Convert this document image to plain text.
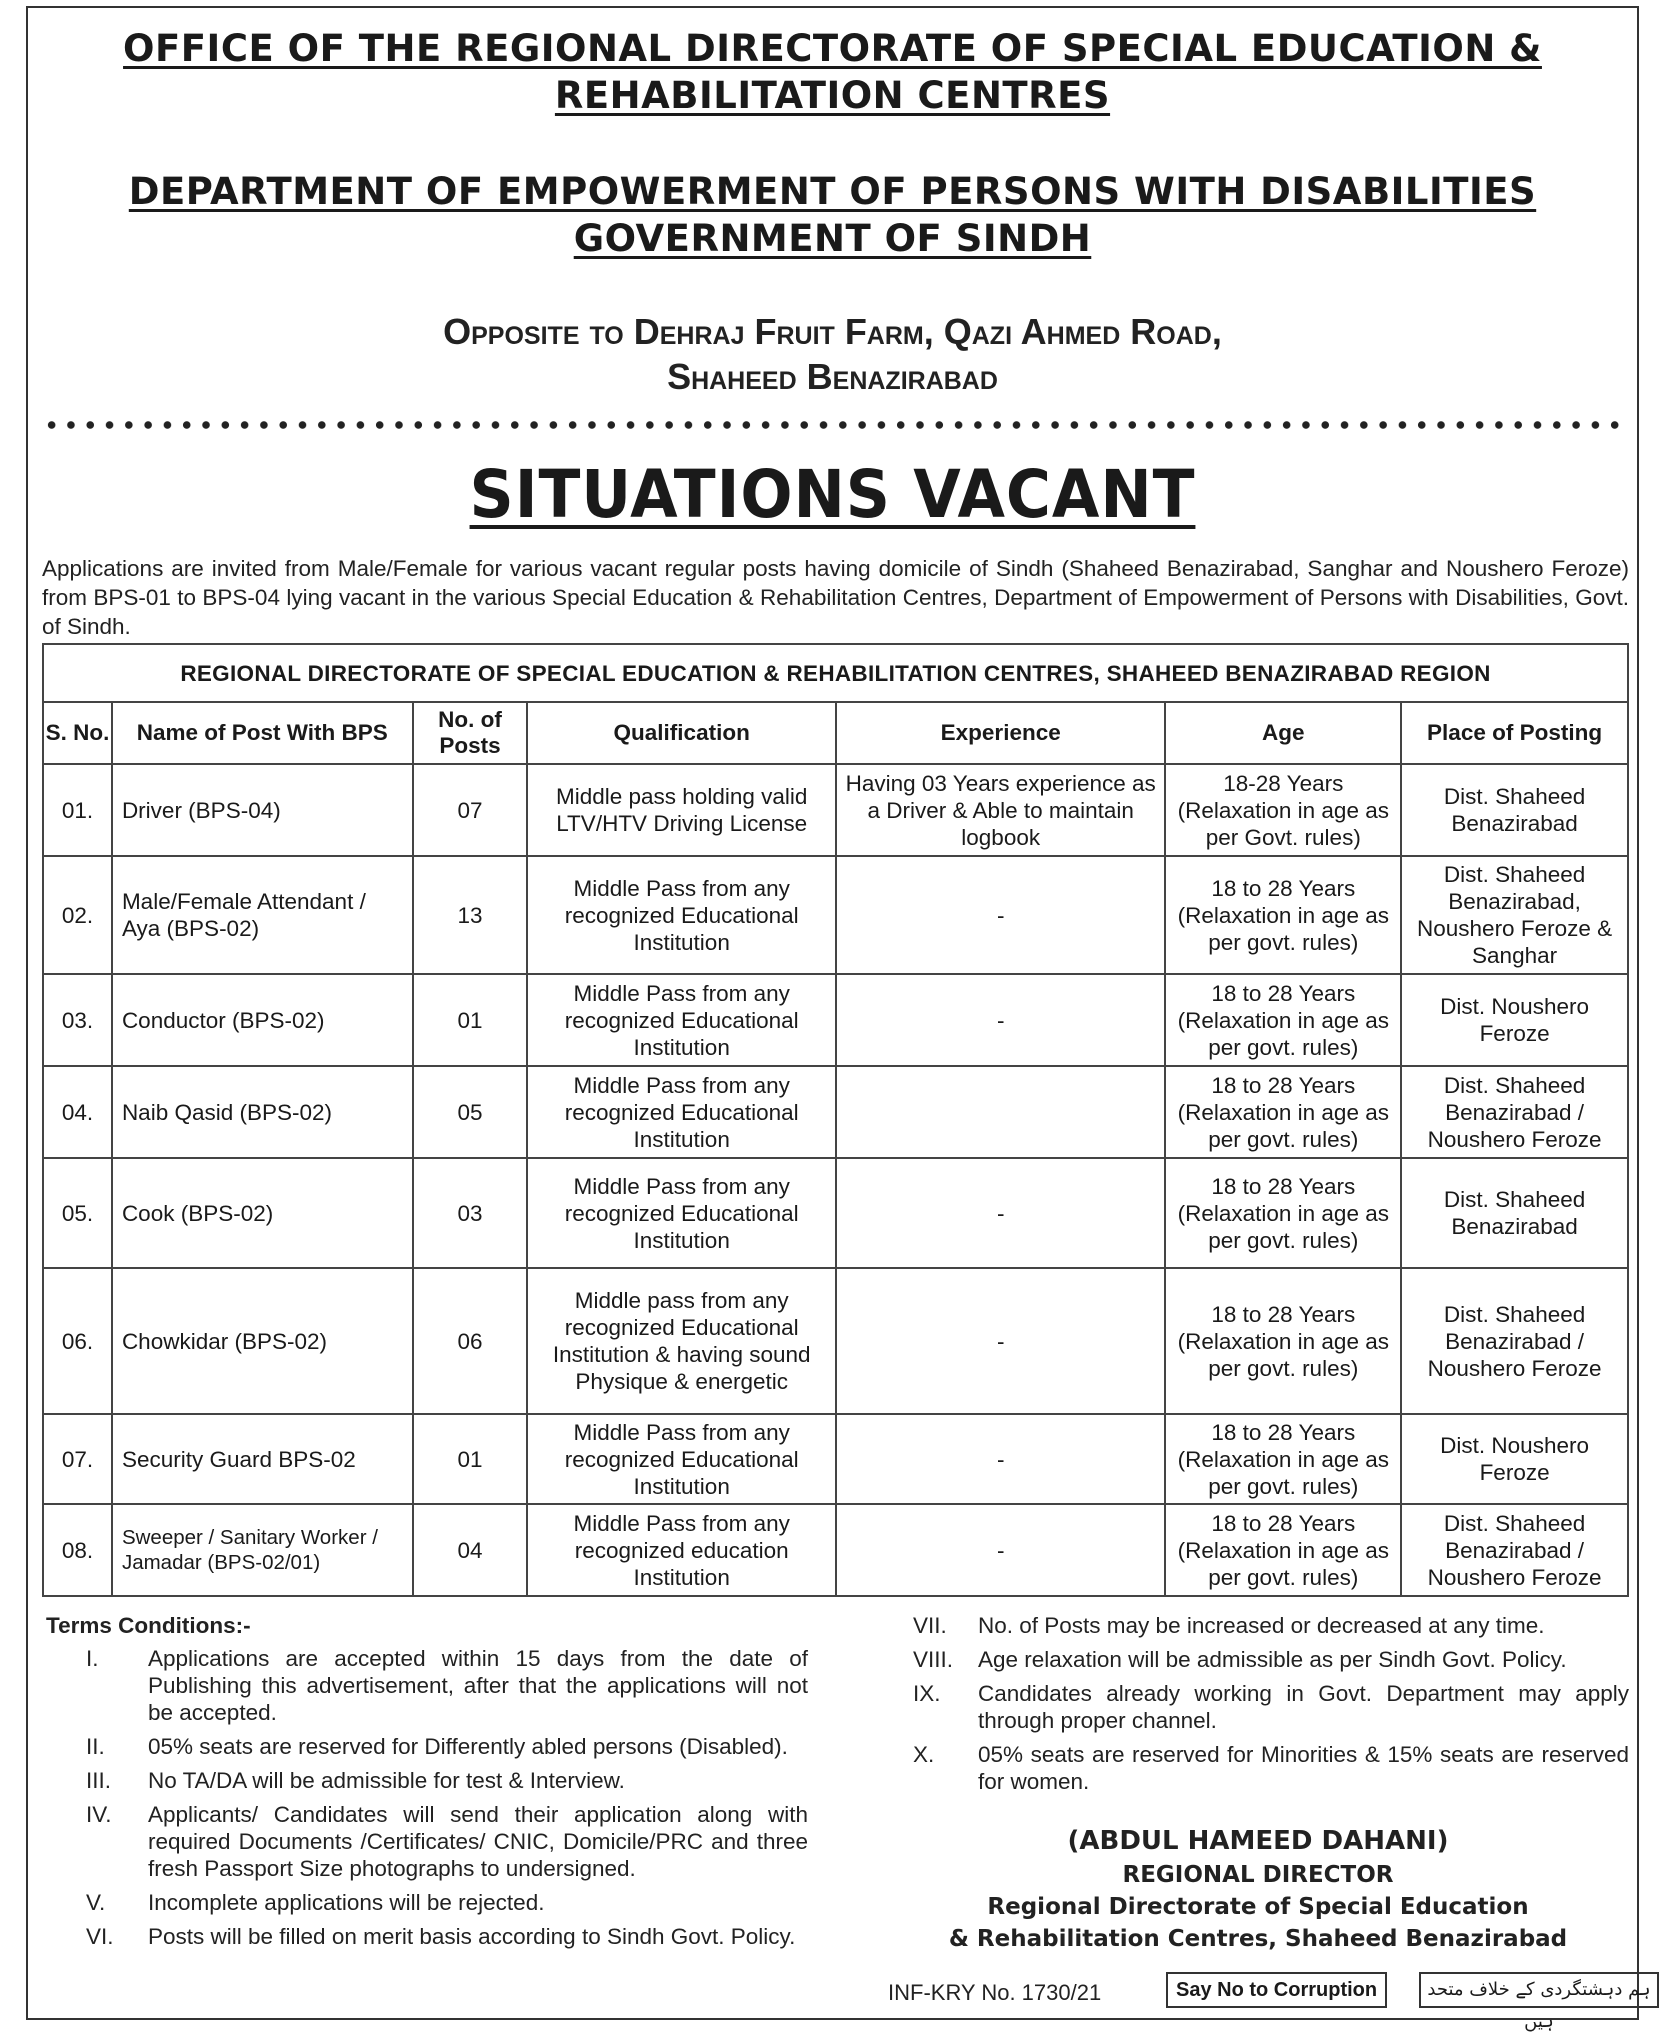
OFFICE OF THE REGIONAL DIRECTORATE OF SPECIAL EDUCATION &
REHABILITATION CENTRES
DEPARTMENT OF EMPOWERMENT OF PERSONS WITH DISABILITIES
GOVERNMENT OF SINDH
Opposite to Dehraj Fruit Farm, Qazi Ahmed Road,
Shaheed Benazirabad
SITUATIONS VACANT
Applications are invited from Male/Female for various vacant regular posts having domicile of Sindh (Shaheed Benazirabad, Sanghar and Noushero Feroze) from BPS-01 to BPS-04 lying vacant in the various Special Education & Rehabilitation Centres, Department of Empowerment of Persons with Disabilities, Govt. of Sindh.
REGIONAL DIRECTORATE OF SPECIAL EDUCATION & REHABILITATION CENTRES, SHAHEED BENAZIRABAD REGION						
S. No.	Name of Post With BPS	No. of Posts	Qualification	Experience	Age	Place of Posting
01.	Driver (BPS-04)	07	Middle pass holding valid LTV/HTV Driving License	Having 03 Years experience as a Driver & Able to maintain logbook	18-28 Years (Relaxation in age as per Govt. rules)	Dist. Shaheed Benazirabad
02.	Male/Female Attendant / Aya (BPS-02)	13	Middle Pass from any recognized Educational Institution	-	18 to 28 Years (Relaxation in age as per govt. rules)	Dist. Shaheed Benazirabad, Noushero Feroze & Sanghar
03.	Conductor (BPS-02)	01	Middle Pass from any recognized Educational Institution	-	18 to 28 Years (Relaxation in age as per govt. rules)	Dist. Noushero Feroze
04.	Naib Qasid (BPS-02)	05	Middle Pass from any recognized Educational Institution		18 to 28 Years (Relaxation in age as per govt. rules)	Dist. Shaheed Benazirabad / Noushero Feroze
05.	Cook (BPS-02)	03	Middle Pass from any recognized Educational Institution	-	18 to 28 Years (Relaxation in age as per govt. rules)	Dist. Shaheed Benazirabad
06.	Chowkidar (BPS-02)	06	Middle pass from any recognized Educational Institution & having sound Physique & energetic	-	18 to 28 Years (Relaxation in age as per govt. rules)	Dist. Shaheed Benazirabad / Noushero Feroze
07.	Security Guard BPS-02	01	Middle Pass from any recognized Educational Institution	-	18 to 28 Years (Relaxation in age as per govt. rules)	Dist. Noushero Feroze
08.	Sweeper / Sanitary Worker / Jamadar (BPS-02/01)	04	Middle Pass from any recognized education Institution	-	18 to 28 Years (Relaxation in age as per govt. rules)	Dist. Shaheed Benazirabad / Noushero Feroze
Terms Conditions:-
I.	Applications are accepted within 15 days from the date of Publishing this advertisement, after that the applications will not be accepted.
II.	05% seats are reserved for Differently abled persons (Disabled).
III.	No TA/DA will be admissible for test & Interview.
IV.	Applicants/ Candidates will send their application along with required Documents /Certificates/ CNIC, Domicile/PRC and three fresh Passport Size photographs to undersigned.
V.	Incomplete applications will be rejected.
VI.	Posts will be filled on merit basis according to Sindh Govt. Policy.
VII.	No. of Posts may be increased or decreased at any time.
VIII.	Age relaxation will be admissible as per Sindh Govt. Policy.
IX.	Candidates already working in Govt. Department may apply through proper channel.
X.	05% seats are reserved for Minorities & 15% seats are reserved for women.
(ABDUL HAMEED DAHANI)
REGIONAL DIRECTOR
Regional Directorate of Special Education
& Rehabilitation Centres, Shaheed Benazirabad
INF-KRY No. 1730/21	Say No to Corruption	ہم دہشتگردی کے خلاف متحد ہیں
